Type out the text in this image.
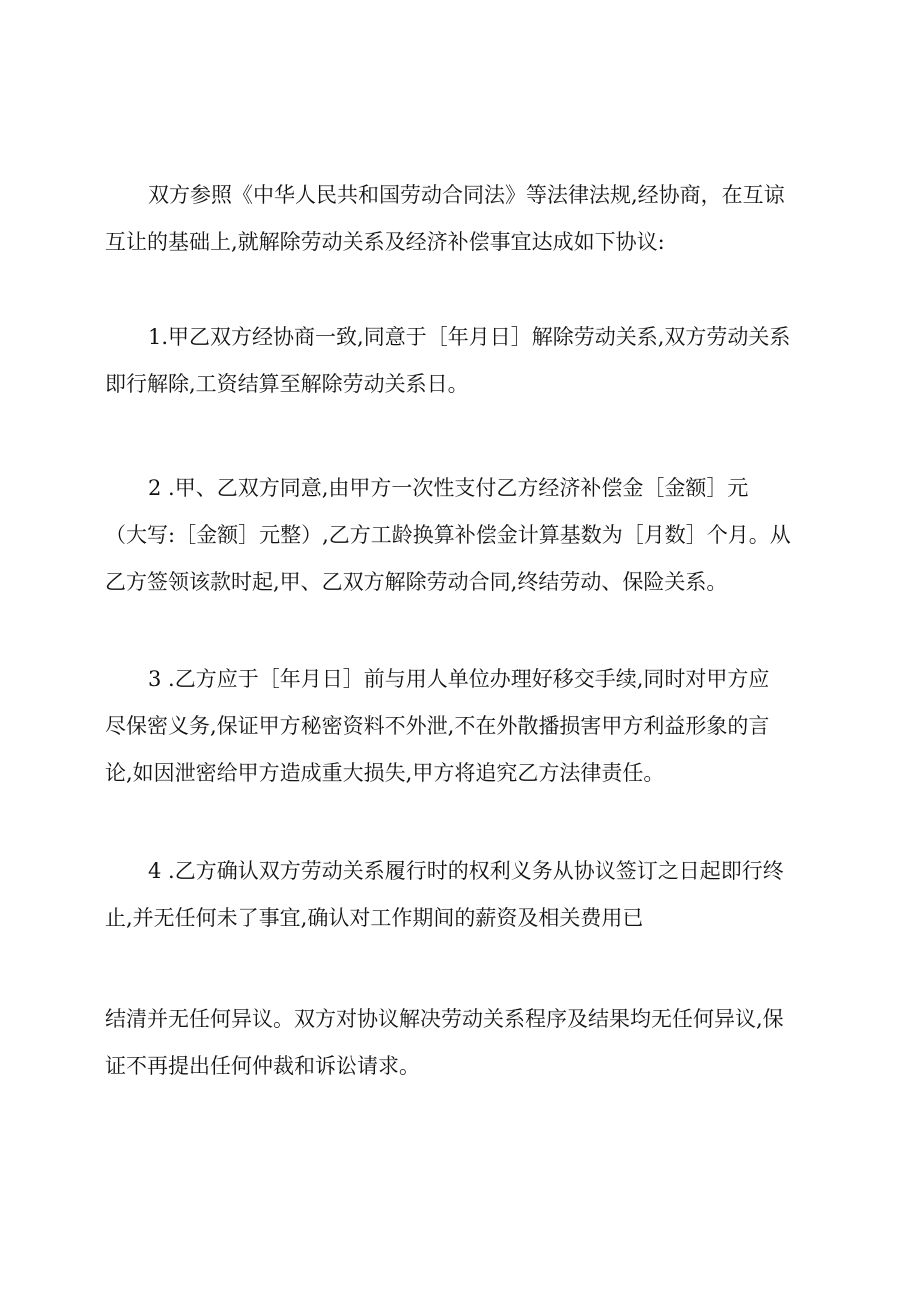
双方参照《中华人民共和国劳动合同法》等法律法规,经协商，在互谅
互让的基础上,就解除劳动关系及经济补偿事宜达成如下协议:
1.甲乙双方经协商一致,同意于［年月日］解除劳动关系,双方劳动关系
即行解除,工资结算至解除劳动关系日。
2 .甲、乙双方同意,由甲方一次性支付乙方经济补偿金［金额］元
（大写:［金额］元整）,乙方工龄换算补偿金计算基数为［月数］个月。从
乙方签领该款时起,甲、乙双方解除劳动合同,终结劳动、保险关系。
3 .乙方应于［年月日］前与用人单位办理好移交手续,同时对甲方应
尽保密义务,保证甲方秘密资料不外泄,不在外散播损害甲方利益形象的言
论,如因泄密给甲方造成重大损失,甲方将追究乙方法律责任。
4 .乙方确认双方劳动关系履行时的权利义务从协议签订之日起即行终
止,并无任何未了事宜,确认对工作期间的薪资及相关费用已
结清并无任何异议。双方对协议解决劳动关系程序及结果均无任何异议,保
证不再提出任何仲裁和诉讼请求。
